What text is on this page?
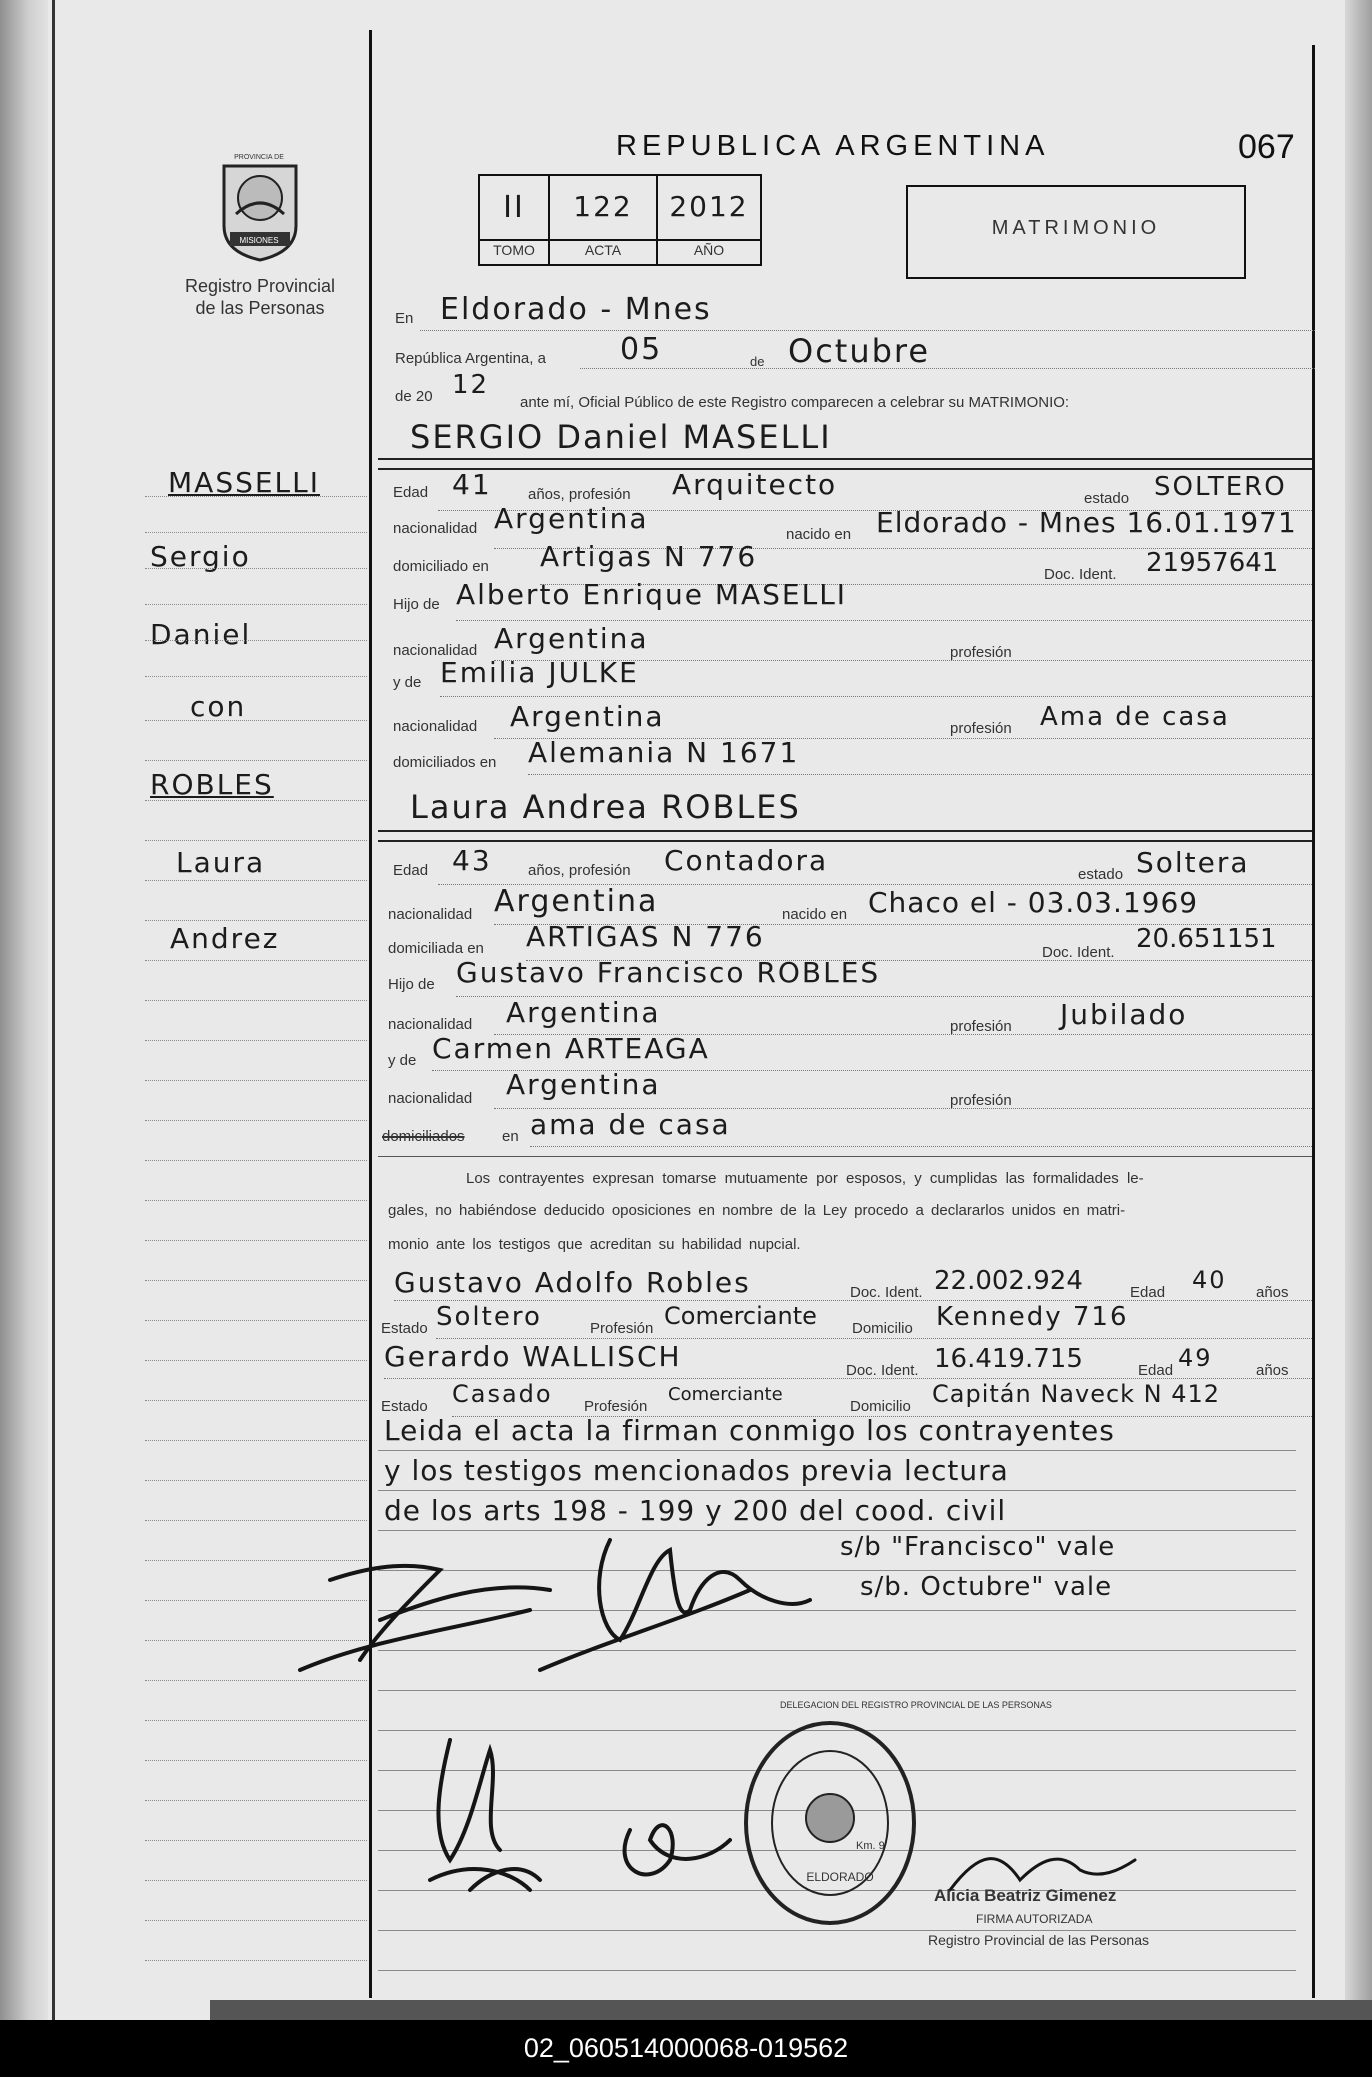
PROVINCIA DE
MISIONES
Registro Provincial
de las Personas
REPUBLICA ARGENTINA	067
II	122	2012
TOMO	ACTA	AÑO
MATRIMONIO
En Eldorado - Mnes
República Argentina, a 05	de Octubre
de 20 12
ante mí, Oficial Público de este Registro comparecen a celebrar su MATRIMONIO:
SERGIO Daniel MASELLI
Edad 41 años, profesión Arquitecto	estado SOLTERO
nacionalidad Argentina	nacido en Eldorado - Mnes 16.01.1971
domiciliado en Artigas N 776
Doc. Ident. 21957641
Hijo de Alberto Enrique MASELLI
nacionalidad Argentina	profesión
y de Emilia JULKE
nacionalidad Argentina	profesión Ama de casa
domiciliados en Alemania N 1671
Laura Andrea ROBLES
Edad 43 años, profesión Contadora	estado Soltera
nacionalidad Argentina	nacido en Chaco el - 03.03.1969
domiciliada en ARTIGAS N 776	Doc. Ident. 20.651151
Hijo de Gustavo Francisco ROBLES
nacionalidad Argentina	profesión Jubilado
y de Carmen ARTEAGA
nacionalidad Argentina	profesión
domiciliados en ama de casa
Los contrayentes expresan tomarse mutuamente por esposos, y cumplidas las formalidades le-
gales, no habiéndose deducido oposiciones en nombre de la Ley procedo a declararlos unidos en matri-
monio ante los testigos que acreditan su habilidad nupcial.
Gustavo Adolfo Robles	Doc. Ident. 22.002.924	Edad 40 años
Estado Soltero	Profesión Comerciante Domicilio Kennedy 716
Gerardo WALLISCH	Doc. Ident. 16.419.715	Edad 49	años
Estado Casado Profesión
Comerciante
Domicilio Capitán Naveck N 412
Leida el acta la firman conmigo los contrayentes
y los testigos mencionados previa lectura
de los arts 198 - 199 y 200 del cood. civil
s/b "Francisco" vale
s/b. Octubre" vale
MASSELLI
Sergio
Daniel
con
ROBLES
Laura
Andrez
DELEGACION DEL REGISTRO PROVINCIAL DE LAS PERSONAS
ELDORADO
Km. 9
Alicia Beatriz Gimenez
FIRMA AUTORIZADA
Registro Provincial de las Personas
02_060514000068-019562
